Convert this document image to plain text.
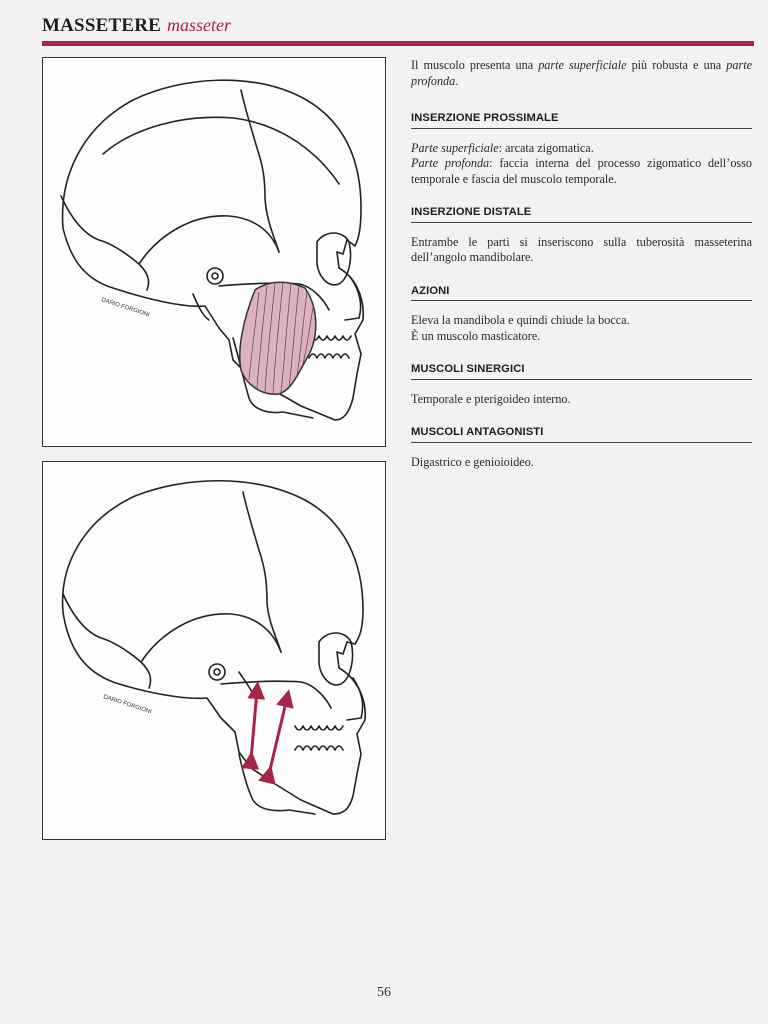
MASSETERE masseter
DARIO FORGIONI
DARIO FORGIONI

Il muscolo presenta una parte superficiale più robusta e una parte profonda.

INSERZIONE PROSSIMALE

Parte superficiale: arcata zigomatica.
Parte profonda: faccia interna del processo zigomatico dell’osso temporale e fascia del muscolo temporale.

INSERZIONE DISTALE

Entrambe le parti si inseriscono sulla tuberosità masseterina dell’angolo mandibolare.

AZIONI

Eleva la mandibola e quindi chiude la bocca.
È un muscolo masticatore.

MUSCOLI SINERGICI

Temporale e pterigoideo interno.

MUSCOLI ANTAGONISTI

Digastrico e genioioideo.

56
